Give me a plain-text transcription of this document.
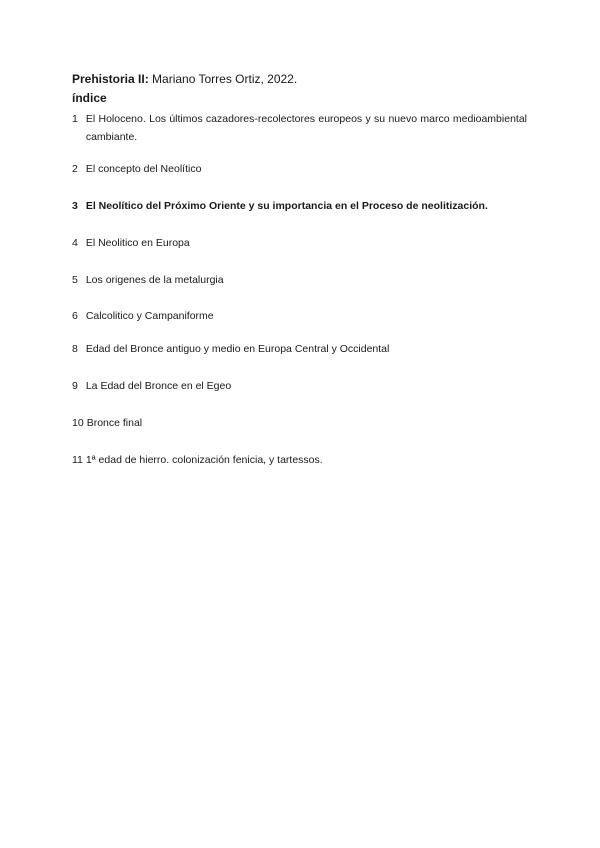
Prehistoria II: Mariano Torres Ortiz, 2022.

índice

1 El Holoceno. Los últimos cazadores-recolectores europeos y su nuevo marco medioambiental cambiante.
2 El concepto del Neolítico
3 El Neolítico del Próximo Oriente y su importancia en el Proceso de neolitización.
4 El Neolitico en Europa
5 Los origenes de la metalurgia
6 Calcolitico y Campaniforme
8 Edad del Bronce antiguo y medio en Europa Central y Occidental
9 La Edad del Bronce en el Egeo
10 Bronce final
11 1ª edad de hierro. colonización fenicia, y tartessos.
